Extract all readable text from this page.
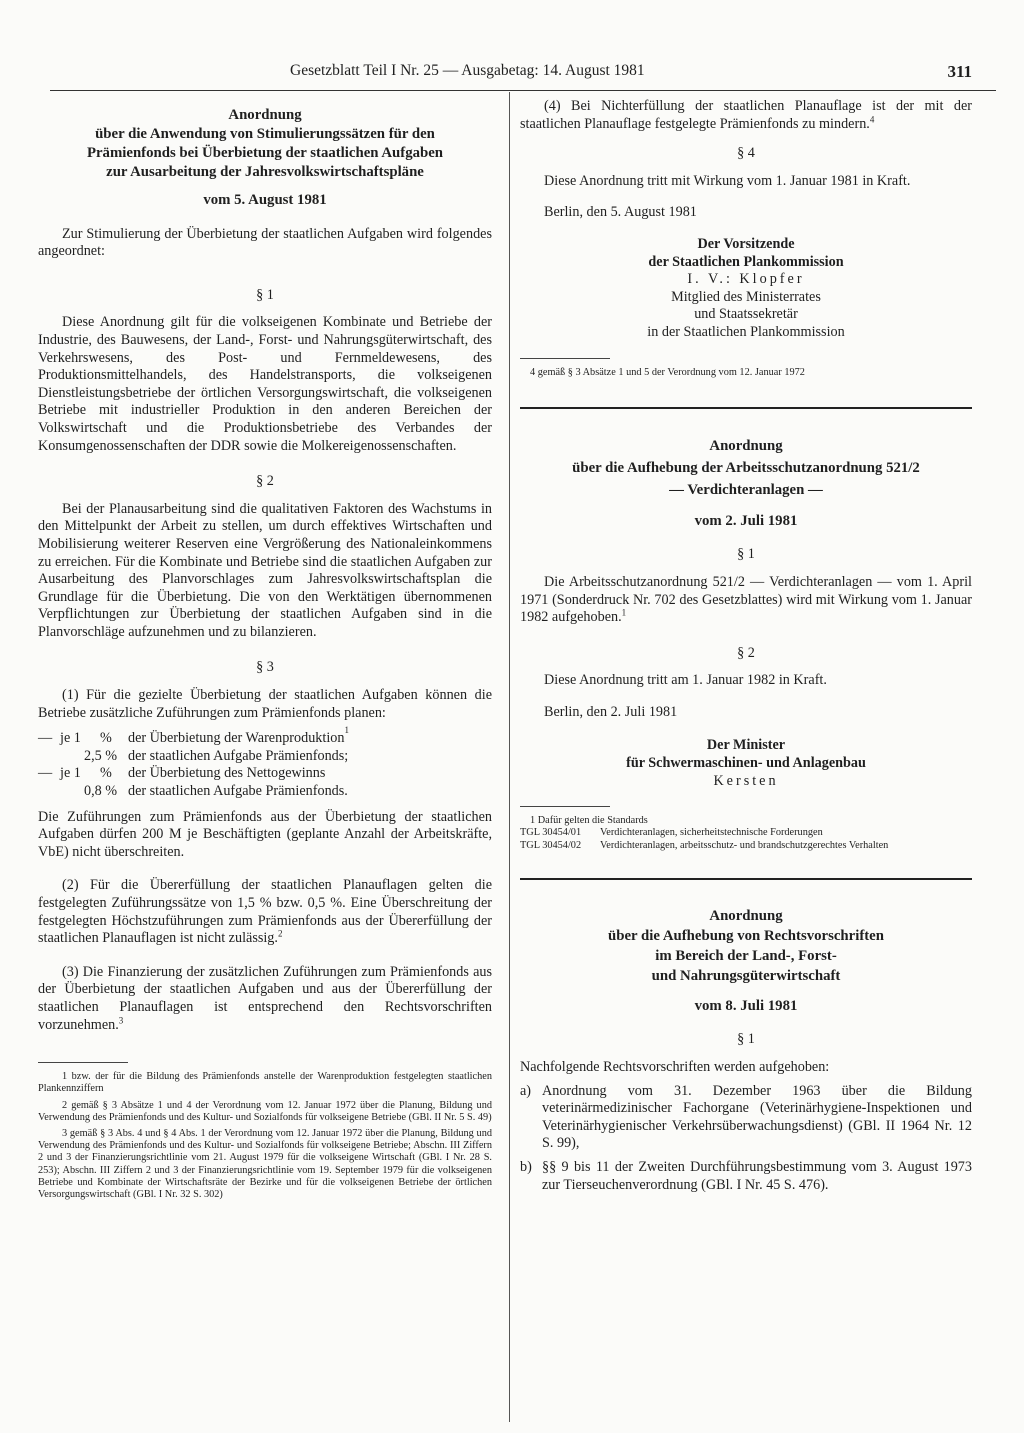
Gesetzblatt Teil I Nr. 25 — Ausgabetag: 14. August 1981	311
Anordnung
über die Anwendung von Stimulierungssätzen für den
Prämienfonds bei Überbietung der staatlichen Aufgaben
zur Ausarbeitung der Jahresvolkswirtschaftspläne
vom 5. August 1981

Zur Stimulierung der Überbietung der staatlichen Aufgaben wird folgendes angeordnet:

§ 1

Diese Anordnung gilt für die volkseigenen Kombinate und Betriebe der Industrie, des Bauwesens, der Land-, Forst- und Nahrungsgüterwirtschaft, des Verkehrswesens, des Post- und Fernmeldewesens, des Produktionsmittelhandels, des Handelstransports, die volkseigenen Dienstleistungsbetriebe der örtlichen Versorgungswirtschaft, die volkseigenen Betriebe mit industrieller Produktion in den anderen Bereichen der Volkswirtschaft und die Produktionsbetriebe des Verbandes der Konsumgenossenschaften der DDR sowie die Molkereigenossenschaften.

§ 2

Bei der Planausarbeitung sind die qualitativen Faktoren des Wachstums in den Mittelpunkt der Arbeit zu stellen, um durch effektives Wirtschaften und Mobilisierung weiterer Reserven eine Vergrößerung des Nationaleinkommens zu erreichen. Für die Kombinate und Betriebe sind die staatlichen Aufgaben zur Ausarbeitung des Planvorschlages zum Jahresvolkswirtschaftsplan die Grundlage für die Überbietung. Die von den Werktätigen übernommenen Verpflichtungen zur Überbietung der staatlichen Aufgaben sind in die Planvorschläge aufzunehmen und zu bilanzieren.

§ 3

(1) Für die gezielte Überbietung der staatlichen Aufgaben können die Betriebe zusätzliche Zuführungen zum Prämienfonds planen:

— je 1	%	der Überbietung der Warenproduktion 1
2,5 % der staatlichen Aufgabe Prämienfonds;
— je 1	%	der Überbietung des Nettogewinns
0,8 % der staatlichen Aufgabe Prämienfonds.

Die Zuführungen zum Prämienfonds aus der Überbietung der staatlichen Aufgaben dürfen 200 M je Beschäftigten (geplante Anzahl der Arbeitskräfte, VbE) nicht überschreiten.

(2) Für die Übererfüllung der staatlichen Planauflagen gelten die festgelegten Zuführungssätze von 1,5 % bzw. 0,5 %. Eine Überschreitung der festgelegten Höchstzuführungen zum Prämienfonds aus der Übererfüllung der staatlichen Planauflagen ist nicht zulässig.$^2$

(3) Die Finanzierung der zusätzlichen Zuführungen zum Prämienfonds aus der Überbietung der staatlichen Aufgaben und aus der Übererfüllung der staatlichen Planauflagen ist entsprechend den Rechtsvorschriften vorzunehmen.$^3$

1 bzw. der für die Bildung des Prämienfonds anstelle der Warenproduktion festgelegten staatlichen Plankennziffern

2 gemäß § 3 Absätze 1 und 4 der Verordnung vom 12. Januar 1972 über die Planung, Bildung und Verwendung des Prämienfonds und des Kultur- und Sozialfonds für volkseigene Betriebe (GBl. II Nr. 5 S. 49)

3 gemäß § 3 Abs. 4 und § 4 Abs. 1 der Verordnung vom 12. Januar 1972 über die Planung, Bildung und Verwendung des Prämienfonds und des Kultur- und Sozialfonds für volkseigene Betriebe; Abschn. III Ziffern 2 und 3 der Finanzierungsrichtlinie vom 21. August 1979 für die volkseigene Wirtschaft (GBl. I Nr. 28 S. 253); Abschn. III Ziffern 2 und 3 der Finanzierungsrichtlinie vom 19. September 1979 für die volkseigenen Betriebe und Kombinate der Wirtschaftsräte der Bezirke und für die volkseigenen Betriebe der örtlichen Versorgungswirtschaft (GBl. I Nr. 32 S. 302)

(4) Bei Nichterfüllung der staatlichen Planauflage ist der mit der staatlichen Planauflage festgelegte Prämienfonds zu mindern.$^4$

§ 4

Diese Anordnung tritt mit Wirkung vom 1. Januar 1981 in Kraft.

Berlin, den 5. August 1981

Der Vorsitzende
der Staatlichen Plankommission
I. V.: Klopfer
Mitglied des Ministerrates
und Staatssekretär
in der Staatlichen Plankommission

4 gemäß § 3 Absätze 1 und 5 der Verordnung vom 12. Januar 1972

Anordnung
über die Aufhebung der Arbeitsschutzanordnung 521/2
— Verdichteranlagen —
vom 2. Juli 1981
§ 1

Die Arbeitsschutzanordnung 521/2 — Verdichteranlagen — vom 1. April 1971 (Sonderdruck Nr. 702 des Gesetzblattes) wird mit Wirkung vom 1. Januar 1982 aufgehoben.$^1$

§ 2

Diese Anordnung tritt am 1. Januar 1982 in Kraft.

Berlin, den 2. Juli 1981

Der Minister
für Schwermaschinen- und Anlagenbau
Kersten
1 Dafür gelten die Standards
TGL 30454/01	Verdichteranlagen, sicherheitstechnische Forderungen
TGL 30454/02	Verdichteranlagen, arbeitsschutz- und brandschutzgerechtes Verhalten
Anordnung
über die Aufhebung von Rechtsvorschriften
im Bereich der Land-, Forst-
und Nahrungsgüterwirtschaft
vom 8. Juli 1981
§ 1

Nachfolgende Rechtsvorschriften werden aufgehoben:

a) Anordnung vom 31. Dezember 1963 über die Bildung veterinärmedizinischer Fachorgane (Veterinärhygiene-Inspektionen und Veterinärhygienischer Verkehrsüberwachungsdienst) (GBl. II 1964 Nr. 12 S. 99),
b) §§ 9 bis 11 der Zweiten Durchführungsbestimmung vom 3. August 1973 zur Tierseuchenverordnung (GBl. I Nr. 45 S. 476).
